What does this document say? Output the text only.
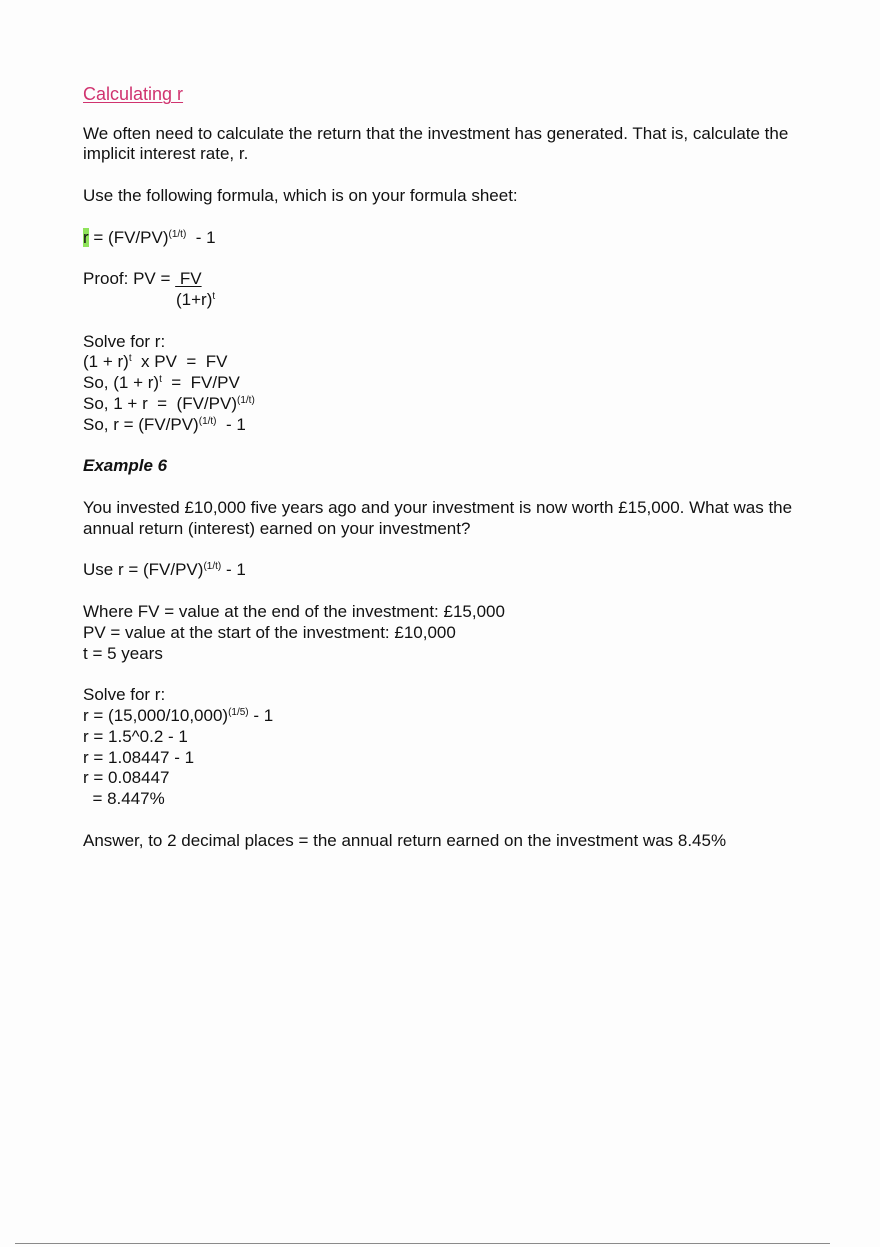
Calculating r
We often need to calculate the return that the investment has generated. That is, calculate the implicit interest rate, r.
Use the following formula, which is on your formula sheet:
$r = (FV/PV)^{(1/t)} - 1$
Proof: PV =  FV
$(1+r)^t$
Solve for r:
$(1 + r)^t$  x PV  =  FV
So, $(1 + r)^t = FV/PV$
So, $1 + r = (FV/PV)^{(1/t)}$
So, $r = (FV/PV)^{(1/t)} - 1$
Example 6
You invested £10,000 five years ago and your investment is now worth £15,000. What was the annual return (interest) earned on your investment?
Use $r = (FV/PV)^{(1/t)} - 1$
Where FV = value at the end of the investment: £15,000
PV = value at the start of the investment: £10,000
t = 5 years
Solve for r:
$r = (15,000/10,000)^{(1/5)} - 1$
r = 1.5^0.2 - 1
r = 1.08447 - 1
r = 0.08447
= 8.447%
Answer, to 2 decimal places = the annual return earned on the investment was 8.45%
